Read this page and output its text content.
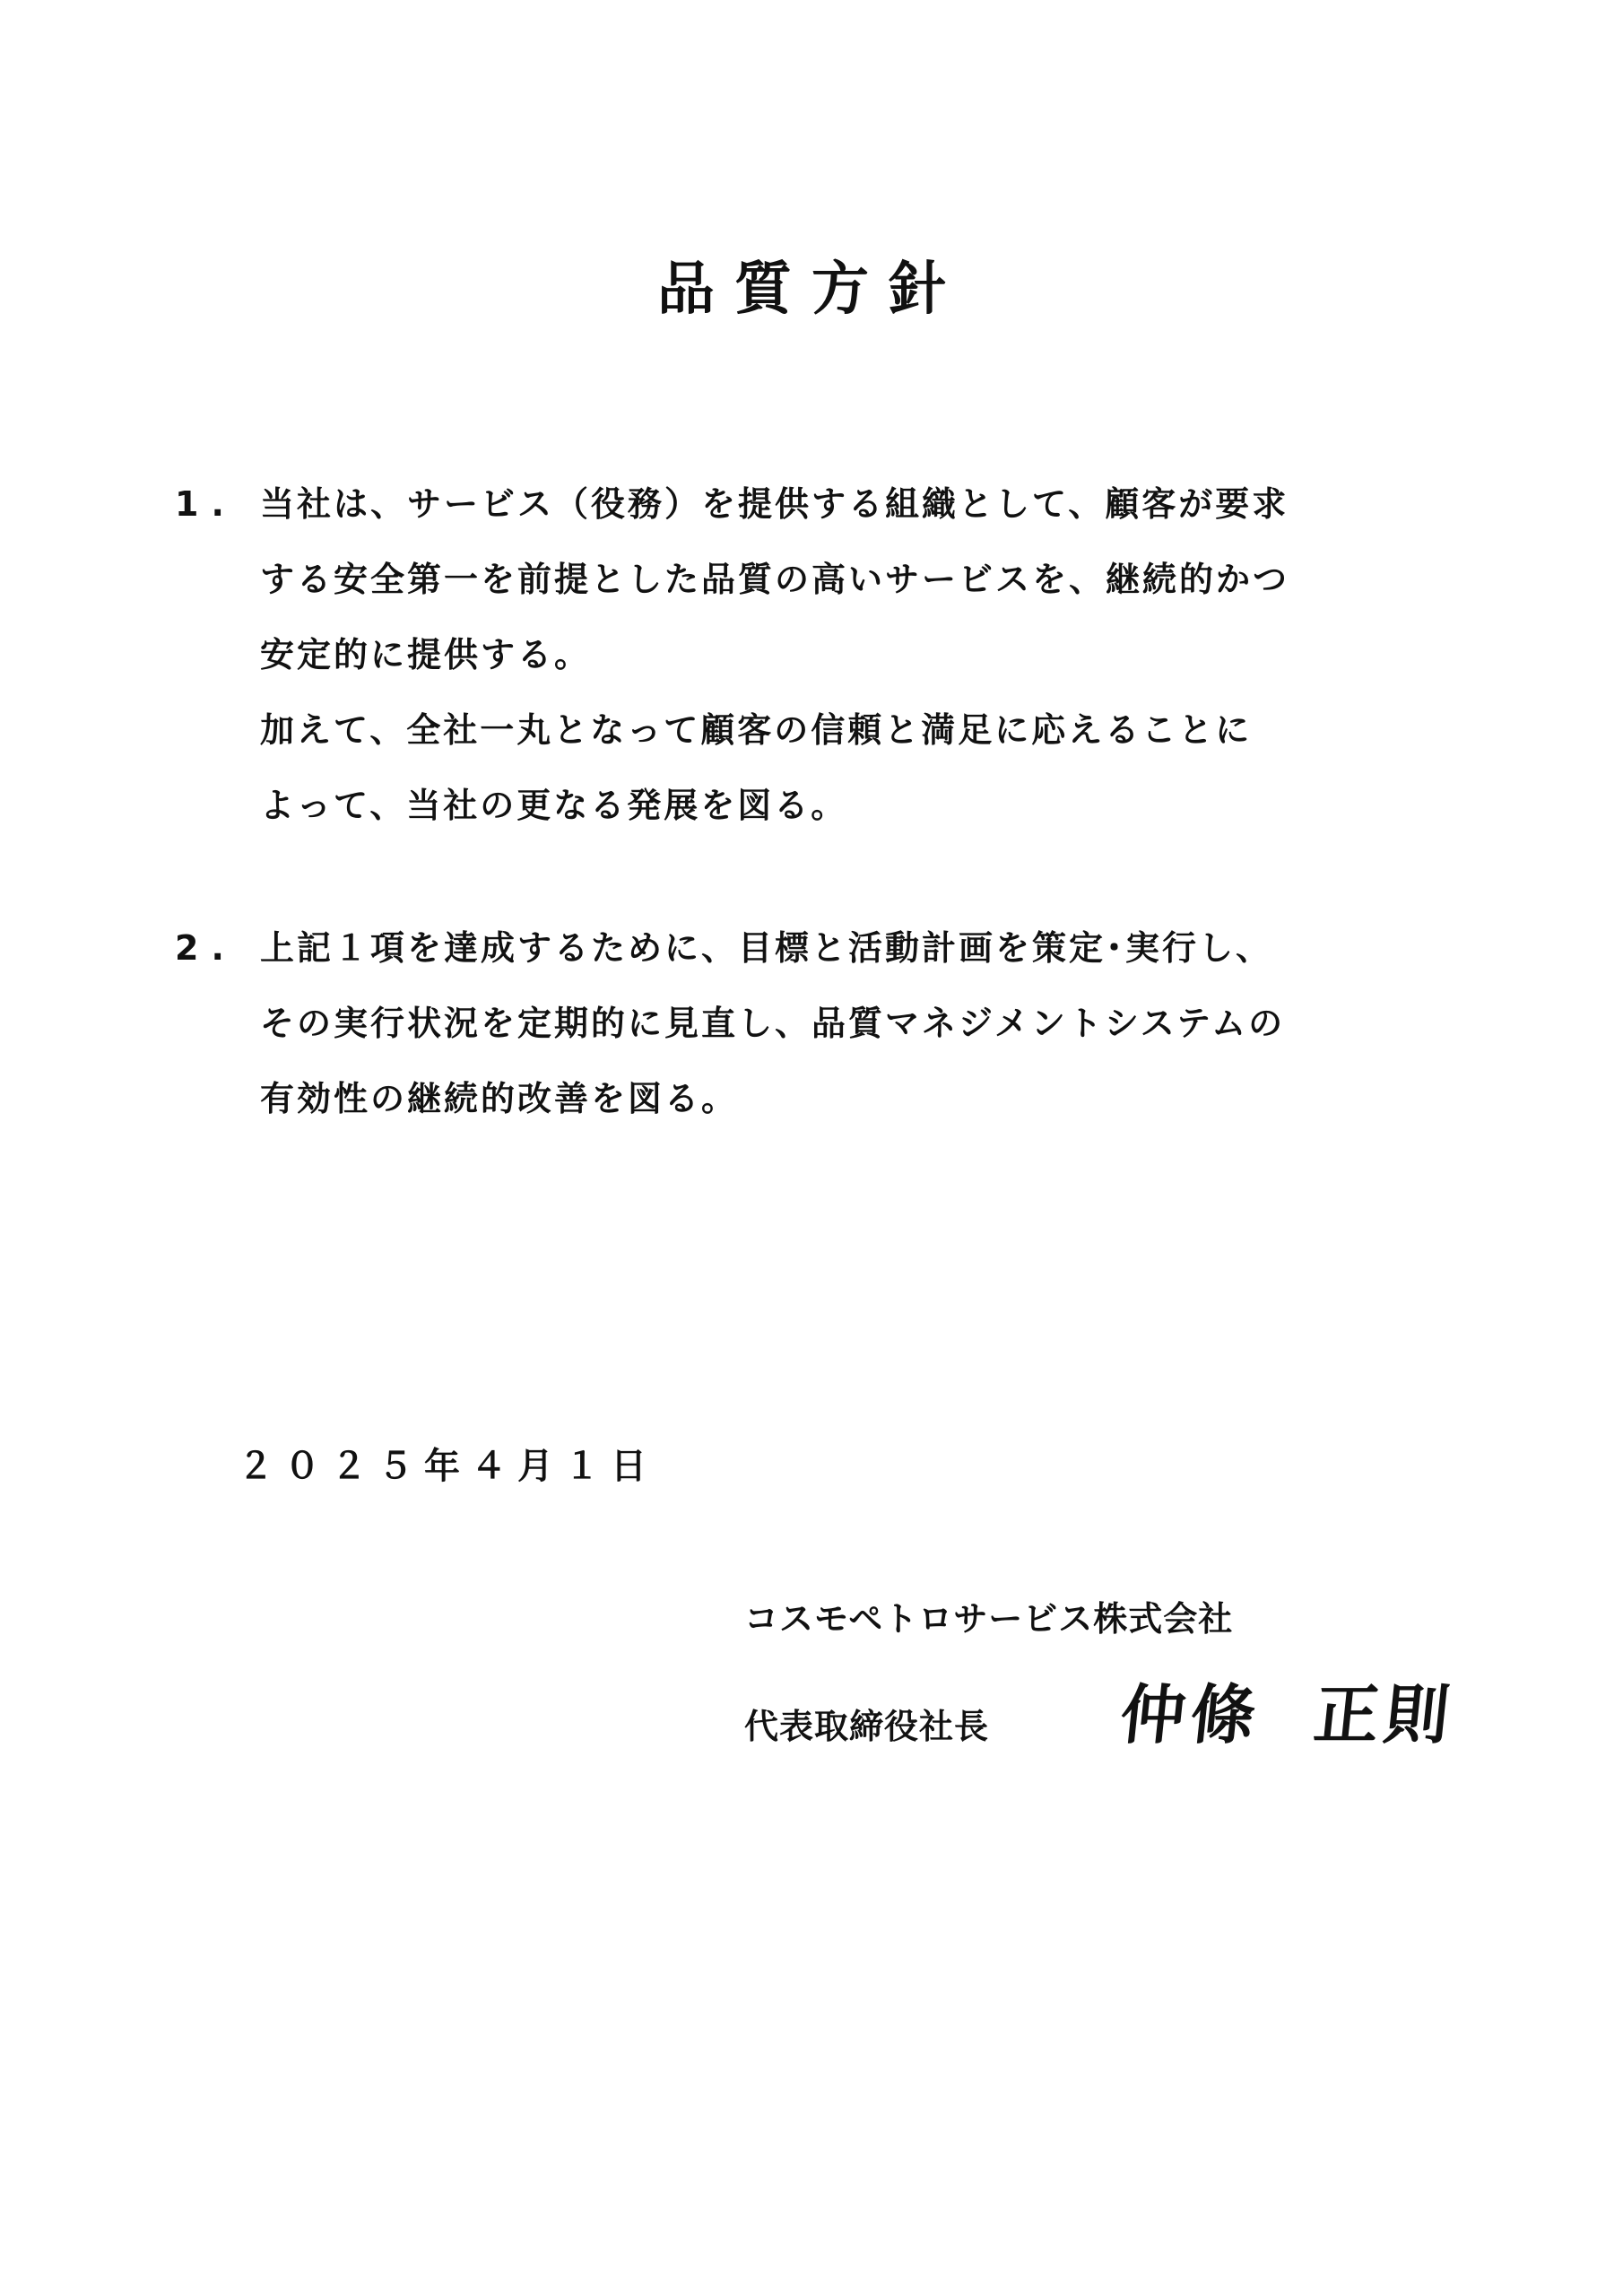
品質方針
1. 当社は、サービス（役務）を提供する組織として、顧客が要求
する安全第一を前提とした品質の高いサービスを、継続的かつ
安定的に提供する。
加えて、全社一丸となって顧客の信頼と満足に応えることに
よって、当社の更なる発展を図る。
2. 上記１項を達成するために、目標と活動計画を策定･実行し、
その実行状況を定期的に見直し、品質マネジメントシステムの
有効性の継続的改善を図る。
２０２５年４月１日
コスモペトロサービス株式会社
代表取締役社長 仲條 正則
